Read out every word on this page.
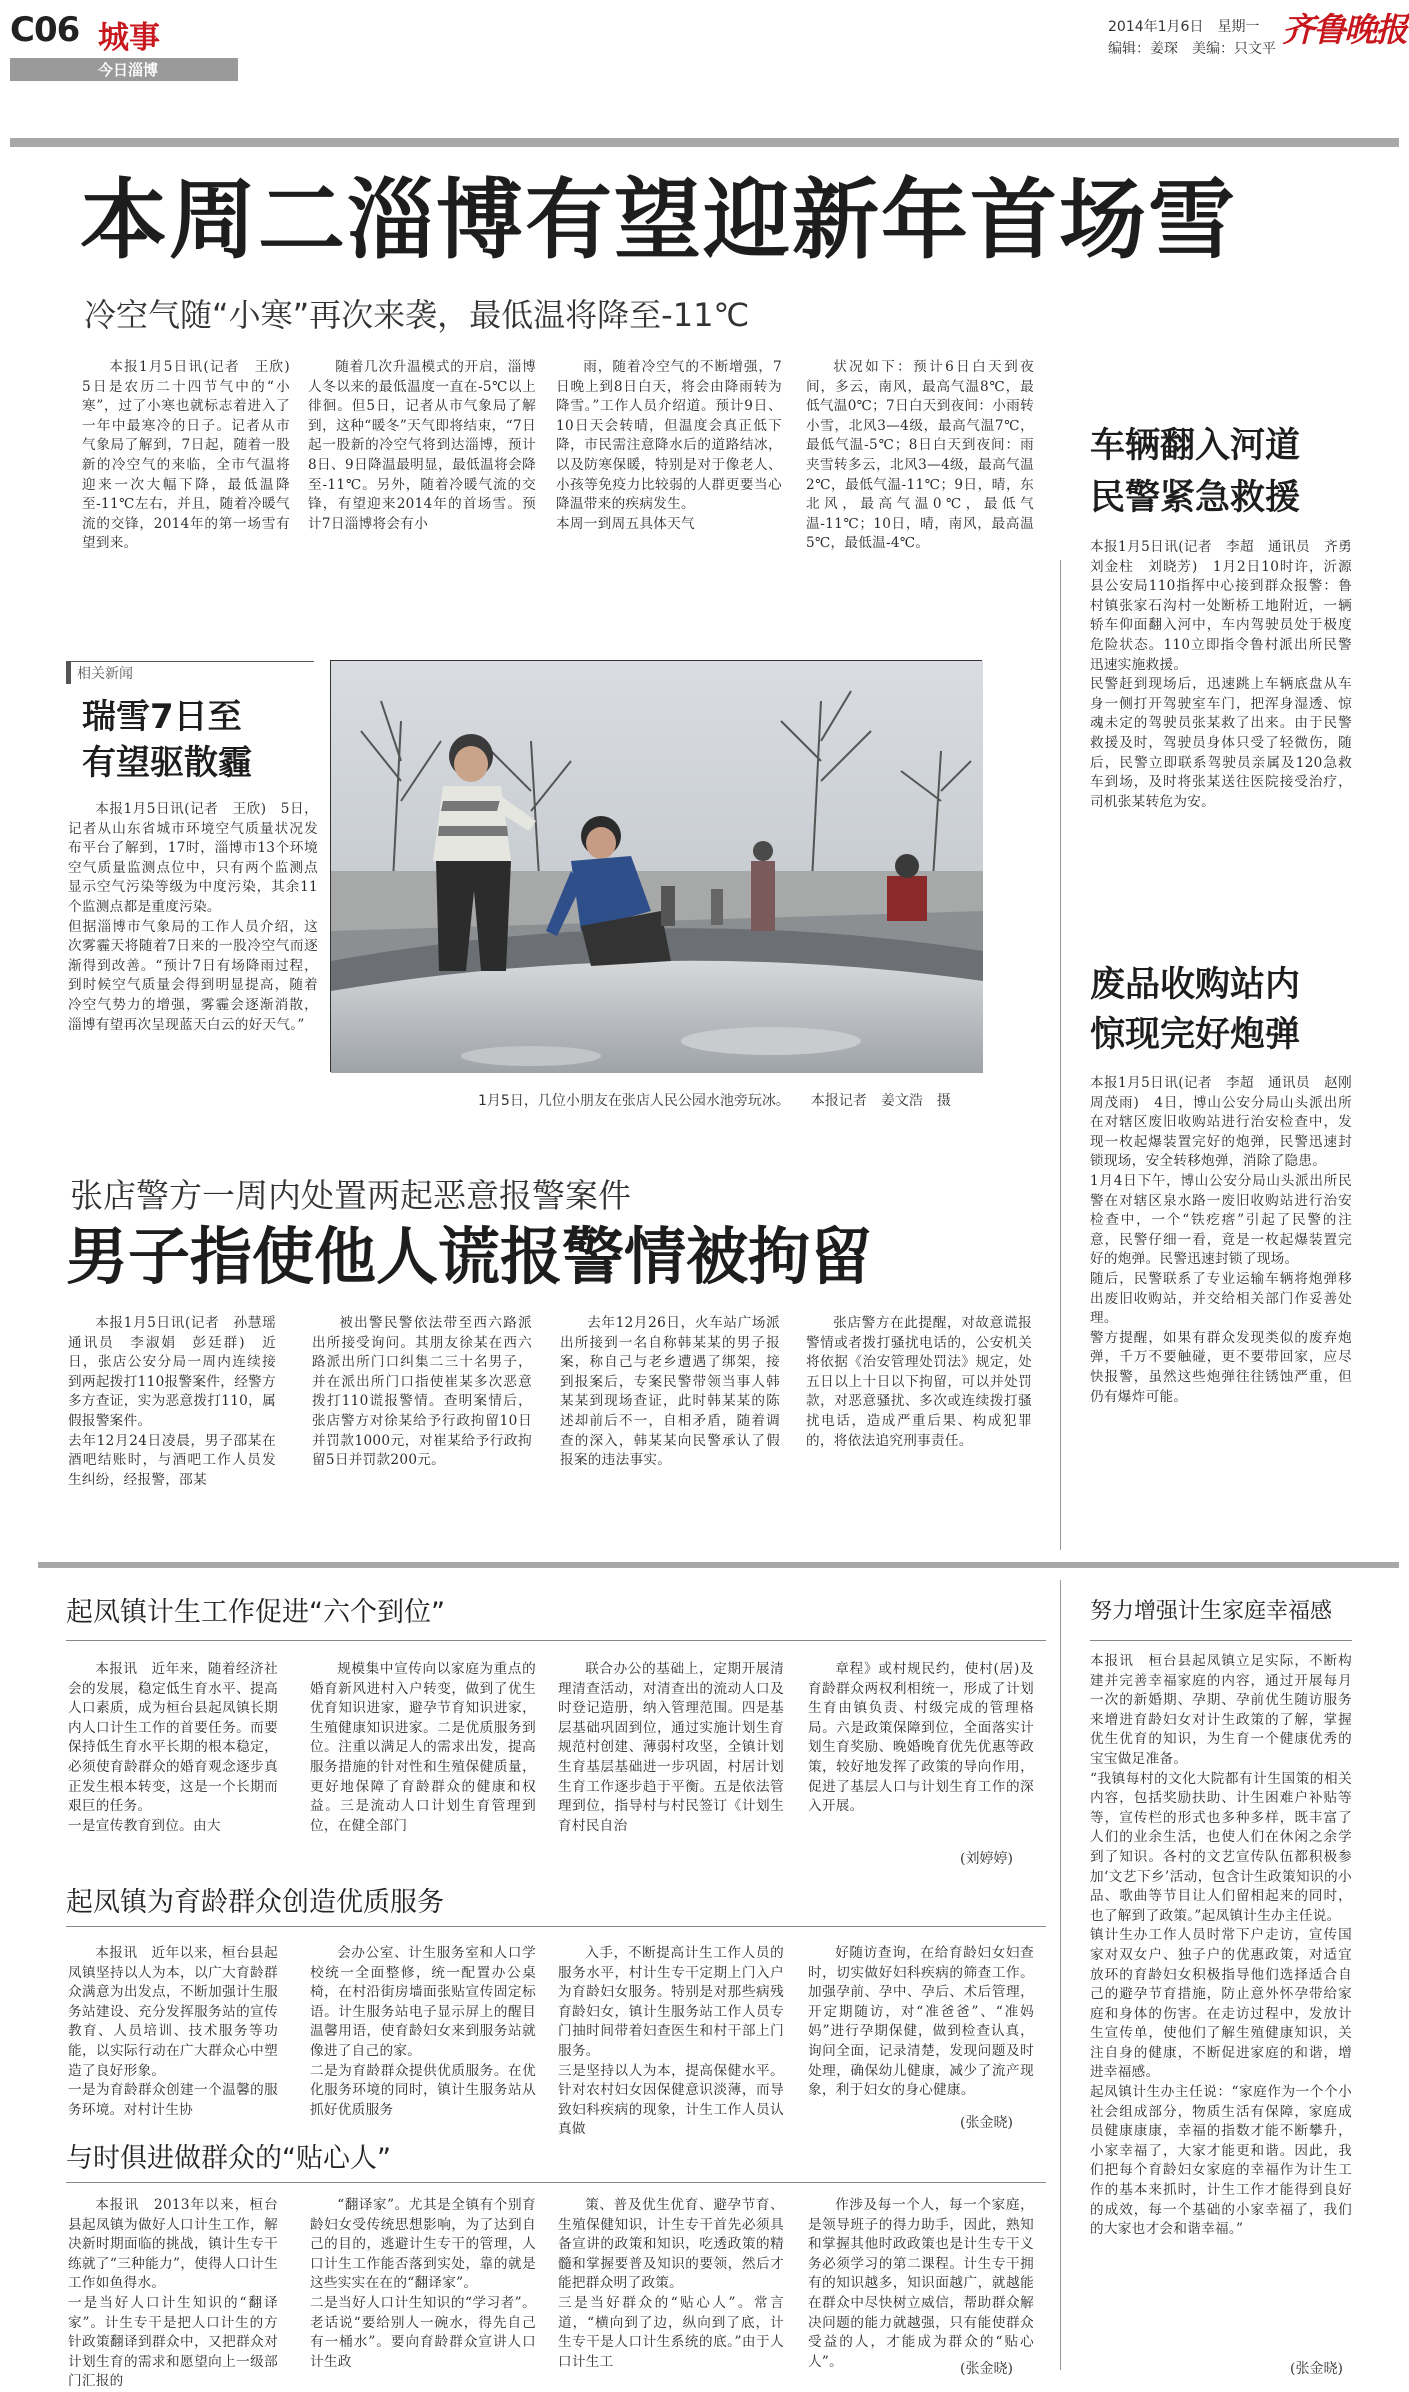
C06 城事
今日淄博
2014年1月6日　星期一
编辑：姜琛　美编：只文平 齐鲁晚报
本周二淄博有望迎新年首场雪
冷空气随“小寒”再次来袭，最低温将降至-11℃

本报1月5日讯(记者　王欣)　5日是农历二十四节气中的“小寒”，过了小寒也就标志着进入了一年中最寒冷的日子。记者从市气象局了解到，7日起，随着一股新的冷空气的来临，全市气温将迎来一次大幅下降，最低温降至-11℃左右，并且，随着冷暖气流的交锋，2014年的第一场雪有望到来。

随着几次升温模式的开启，淄博人冬以来的最低温度一直在-5℃以上徘徊。但5日，记者从市气象局了解到，这种“暖冬”天气即将结束，“7日起一股新的冷空气将到达淄博，预计8日、9日降温最明显，最低温将会降至-11℃。另外，随着冷暖气流的交锋，有望迎来2014年的首场雪。预计7日淄博将会有小

雨，随着冷空气的不断增强，7日晚上到8日白天，将会由降雨转为降雪。”工作人员介绍道。预计9日、10日天会转晴，但温度会真正低下降，市民需注意降水后的道路结冰，以及防寒保暖，特别是对于像老人、小孩等免疫力比较弱的人群更要当心降温带来的疾病发生。
本周一到周五具体天气

状况如下：预计6日白天到夜间，多云，南风，最高气温8℃，最低气温0℃；7日白天到夜间：小雨转小雪，北风3—4级，最高气温7℃，最低气温-5℃；8日白天到夜间：雨夹雪转多云，北风3—4级，最高气温2℃，最低气温-11℃；9日，晴，东北风，最高气温0℃，最低气温-11℃；10日，晴，南风，最高温5℃，最低温-4℃。

相关新闻
瑞雪7日至
有望驱散霾
本报1月5日讯(记者　王欣)　5日，记者从山东省城市环境空气质量状况发布平台了解到，17时，淄博市13个环境空气质量监测点位中，只有两个监测点显示空气污染等级为中度污染，其余11个监测点都是重度污染。
但据淄博市气象局的工作人员介绍，这次雾霾天将随着7日来的一股冷空气而逐渐得到改善。“预计7日有场降雨过程，到时候空气质量会得到明显提高，随着冷空气势力的增强，雾霾会逐渐消散，淄博有望再次呈现蓝天白云的好天气。”
1月5日，几位小朋友在张店人民公园水池旁玩冰。　　本报记者　姜文浩　摄
车辆翻入河道
民警紧急救援
本报1月5日讯(记者　李超　通讯员　齐勇　刘金柱　刘晓芳)　1月2日10时许，沂源县公安局110指挥中心接到群众报警：鲁村镇张家石沟村一处断桥工地附近，一辆轿车仰面翻入河中，车内驾驶员处于极度危险状态。110立即指令鲁村派出所民警迅速实施救援。
民警赶到现场后，迅速跳上车辆底盘从车身一侧打开驾驶室车门，把浑身湿透、惊魂未定的驾驶员张某救了出来。由于民警救援及时，驾驶员身体只受了轻微伤，随后，民警立即联系驾驶员亲属及120急救车到场，及时将张某送往医院接受治疗，司机张某转危为安。
废品收购站内
惊现完好炮弹
本报1月5日讯(记者　李超　通讯员　赵刚　周茂雨)　4日，博山公安分局山头派出所在对辖区废旧收购站进行治安检查中，发现一枚起爆装置完好的炮弹，民警迅速封锁现场，安全转移炮弹，消除了隐患。
1月4日下午，博山公安分局山头派出所民警在对辖区泉水路一废旧收购站进行治安检查中，一个“铁疙瘩”引起了民警的注意，民警仔细一看，竟是一枚起爆装置完好的炮弹。民警迅速封锁了现场。
随后，民警联系了专业运输车辆将炮弹移出废旧收购站，并交给相关部门作妥善处理。
警方提醒，如果有群众发现类似的废弃炮弹，千万不要触碰，更不要带回家，应尽快报警，虽然这些炮弹往往锈蚀严重，但仍有爆炸可能。
张店警方一周内处置两起恶意报警案件
男子指使他人谎报警情被拘留

本报1月5日讯(记者　孙慧瑶　通讯员　李淑娟　彭廷群)　近日，张店公安分局一周内连续接到两起拨打110报警案件，经警方多方查证，实为恶意拨打110，属假报警案件。
去年12月24日凌晨，男子邵某在酒吧结账时，与酒吧工作人员发生纠纷，经报警，邵某

被出警民警依法带至西六路派出所接受询问。其朋友徐某在西六路派出所门口纠集二三十名男子，并在派出所门口指使崔某多次恶意拨打110谎报警情。查明案情后，张店警方对徐某给予行政拘留10日并罚款1000元，对崔某给予行政拘留5日并罚款200元。

去年12月26日，火车站广场派出所接到一名自称韩某某的男子报案，称自己与老乡遭遇了绑架，接到报案后，专案民警带领当事人韩某某到现场查证，此时韩某某的陈述却前后不一，自相矛盾，随着调查的深入，韩某某向民警承认了假报案的违法事实。

张店警方在此提醒，对故意谎报警情或者拨打骚扰电话的，公安机关将依据《治安管理处罚法》规定，处五日以上十日以下拘留，可以并处罚款，对恶意骚扰、多次或连续拨打骚扰电话，造成严重后果、构成犯罪的，将依法追究刑事责任。

起凤镇计生工作促进“六个到位”

本报讯　近年来，随着经济社会的发展，稳定低生育水平、提高人口素质，成为桓台县起凤镇长期内人口计生工作的首要任务。而要保持低生育水平长期的根本稳定，必须使育龄群众的婚育观念逐步真正发生根本转变，这是一个长期而艰巨的任务。
一是宣传教育到位。由大

规模集中宣传向以家庭为重点的婚育新风进村入户转变，做到了优生优育知识进家，避孕节育知识进家，生殖健康知识进家。二是优质服务到位。注重以满足人的需求出发，提高服务措施的针对性和生殖保健质量，更好地保障了育龄群众的健康和权益。三是流动人口计划生育管理到位，在健全部门

联合办公的基础上，定期开展清理清查活动，对清查出的流动人口及时登记造册，纳入管理范围。四是基层基础巩固到位，通过实施计划生育规范村创建、薄弱村攻坚，全镇计划生育基层基础进一步巩固，村居计划生育工作逐步趋于平衡。五是依法管理到位，指导村与村民签订《计划生育村民自治

章程》或村规民约，使村(居)及育龄群众两权利相统一，形成了计划生育由镇负责、村级完成的管理格局。六是政策保障到位，全面落实计划生育奖励、晚婚晚育优先优惠等政策，较好地发挥了政策的导向作用，促进了基层人口与计划生育工作的深入开展。

(刘婷婷)
起凤镇为育龄群众创造优质服务

本报讯　近年以来，桓台县起凤镇坚持以人为本，以广大育龄群众满意为出发点，不断加强计生服务站建设、充分发挥服务站的宣传教育、人员培训、技术服务等功能，以实际行动在广大群众心中塑造了良好形象。
一是为育龄群众创建一个温馨的服务环境。对村计生协

会办公室、计生服务室和人口学校统一全面整修，统一配置办公桌椅，在村沿街房墙面张贴宣传固定标语。计生服务站电子显示屏上的醒目温馨用语，使育龄妇女来到服务站就像进了自己的家。
二是为育龄群众提供优质服务。在优化服务环境的同时，镇计生服务站从抓好优质服务

入手，不断提高计生工作人员的服务水平，村计生专干定期上门入户为育龄妇女服务。特别是对那些病残育龄妇女，镇计生服务站工作人员专门抽时间带着妇查医生和村干部上门服务。
三是坚持以人为本，提高保健水平。针对农村妇女因保健意识淡薄，而导致妇科疾病的现象，计生工作人员认真做

好随访查询，在给育龄妇女妇查时，切实做好妇科疾病的筛查工作。加强孕前、孕中、孕后、术后管理，开定期随访，对“准爸爸”、“准妈妈”进行孕期保健，做到检查认真，询问全面，记录清楚，发现问题及时处理，确保幼儿健康，减少了流产现象，利于妇女的身心健康。

(张金晓)
与时俱进做群众的“贴心人”

本报讯　2013年以来，桓台县起凤镇为做好人口计生工作，解决新时期面临的挑战，镇计生专干练就了“三种能力”，使得人口计生工作如鱼得水。
一是当好人口计生知识的“翻译家”。计生专干是把人口计生的方针政策翻译到群众中，又把群众对计划生育的需求和愿望向上一级部门汇报的

“翻译家”。尤其是全镇有个别育龄妇女受传统思想影响，为了达到自己的目的，逃避计生专干的管理，人口计生工作能否落到实处，靠的就是这些实实在在的“翻译家”。
二是当好人口计生知识的“学习者”。老话说“要给别人一碗水，得先自己有一桶水”。要向育龄群众宣讲人口计生政

策、普及优生优育、避孕节育、生殖保健知识，计生专干首先必须具备宣讲的政策和知识，吃透政策的精髓和掌握要普及知识的要领，然后才能把群众明了政策。
三是当好群众的“贴心人”。常言道，“横向到了边，纵向到了底，计生专干是人口计生系统的底。”由于人口计生工

作涉及每一个人，每一个家庭，是领导班子的得力助手，因此，熟知和掌握其他时政政策也是计生专干义务必须学习的第二课程。计生专干拥有的知识越多，知识面越广，就越能在群众中尽快树立威信，帮助群众解决问题的能力就越强，只有能使群众受益的人，才能成为群众的“贴心人”。	(张金晓)
努力增强计生家庭幸福感
本报讯　桓台县起凤镇立足实际，不断构建并完善幸福家庭的内容，通过开展每月一次的新婚期、孕期、孕前优生随访服务来增进育龄妇女对计生政策的了解，掌握优生优育的知识，为生育一个健康优秀的宝宝做足准备。
“我镇每村的文化大院都有计生国策的相关内容，包括奖励扶助、计生困难户补贴等等，宣传栏的形式也多种多样，既丰富了人们的业余生活，也使人们在休闲之余学到了知识。各村的文艺宣传队伍都积极参加‘文艺下乡’活动，包含计生政策知识的小品、歌曲等节目让人们留相起来的同时，也了解到了政策。”起凤镇计生办主任说。
镇计生办工作人员时常下户走访，宣传国家对双女户、独子户的优惠政策，对适宜放环的育龄妇女积极指导他们选择适合自己的避孕节育措施，防止意外怀孕带给家庭和身体的伤害。在走访过程中，发放计生宣传单，使他们了解生殖健康知识，关注自身的健康，不断促进家庭的和谐，增进幸福感。
起凤镇计生办主任说：“家庭作为一个个小社会组成部分，物质生活有保障，家庭成员健康康康，幸福的指数才能不断攀升，小家幸福了，大家才能更和谐。因此，我们把每个育龄妇女家庭的幸福作为计生工作的基本来抓时，计生工作才能得到良好的成效，每一个基础的小家幸福了，我们的大家也才会和谐幸福。”
(张金晓)
